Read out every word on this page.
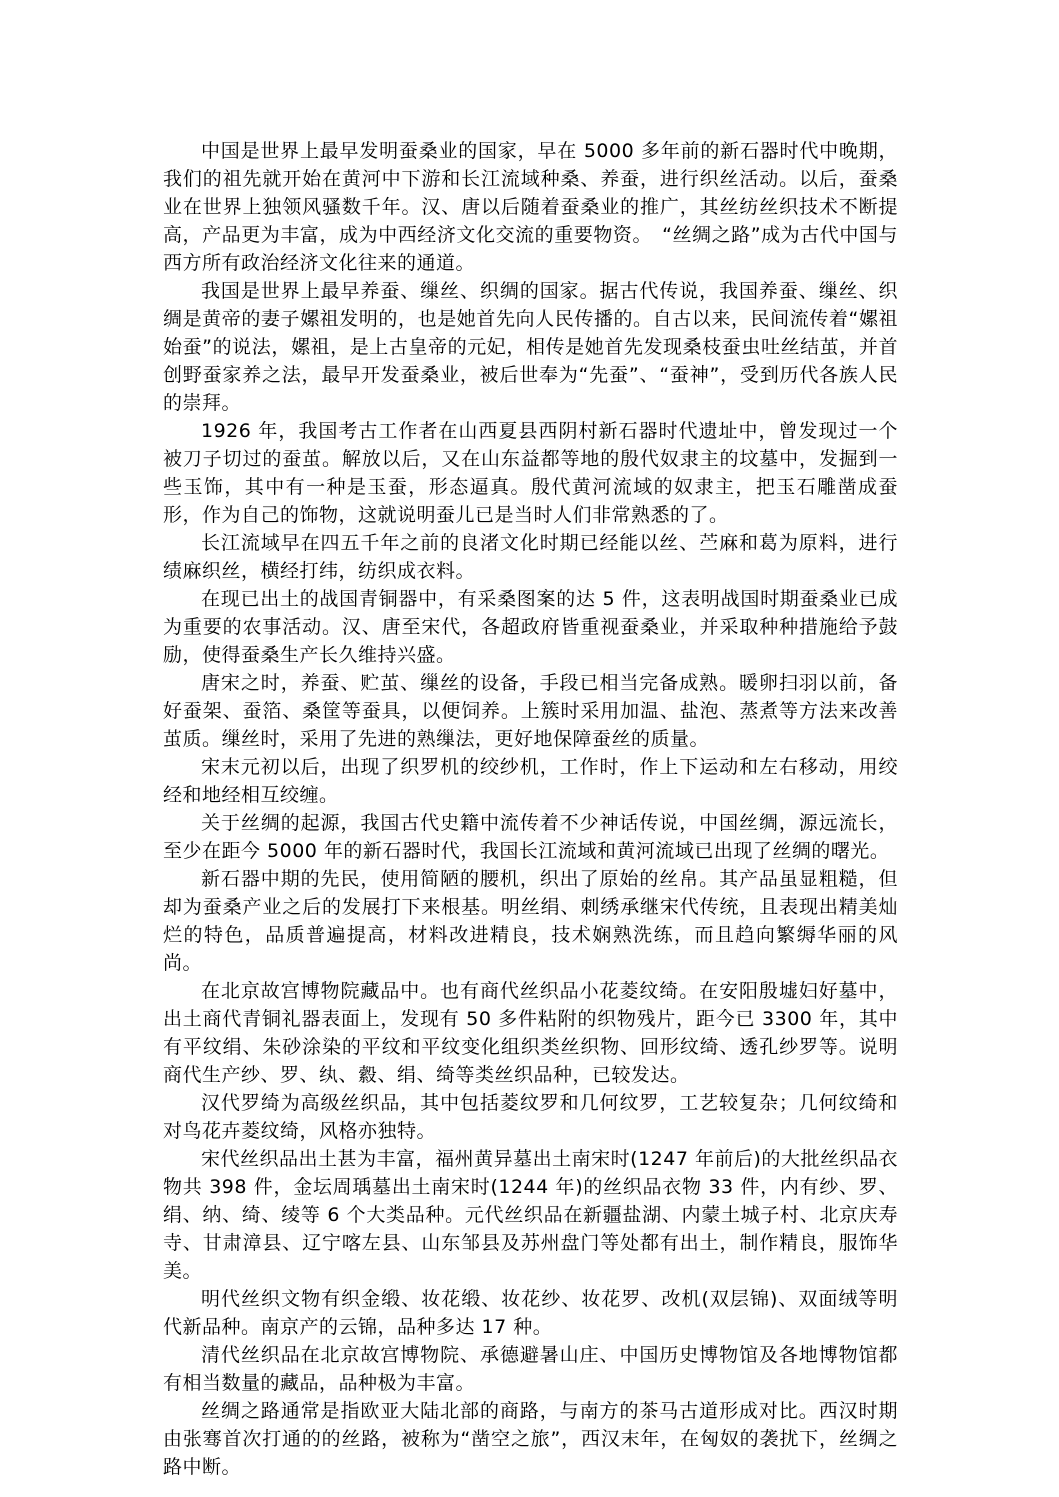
中国是世界上最早发明蚕桑业的国家，早在 5000 多年前的新石器时代中晚期，我们的祖先就开始在黄河中下游和长江流域种桑、养蚕，进行织丝活动。以后，蚕桑业在世界上独领风骚数千年。汉、唐以后随着蚕桑业的推广，其丝纺丝织技术不断提高，产品更为丰富，成为中西经济文化交流的重要物资。　“丝绸之路”成为古代中国与西方所有政治经济文化往来的通道。

我国是世界上最早养蚕、缫丝、织绸的国家。据古代传说，我国养蚕、缫丝、织绸是黄帝的妻子嫘祖发明的，也是她首先向人民传播的。自古以来，民间流传着“嫘祖始蚕”的说法，嫘祖，是上古皇帝的元妃，相传是她首先发现桑枝蚕虫吐丝结茧，并首创野蚕家养之法，最早开发蚕桑业，被后世奉为“先蚕”、“蚕神”，受到历代各族人民的崇拜。

1926 年，我国考古工作者在山西夏县西阴村新石器时代遗址中，曾发现过一个被刀子切过的蚕茧。解放以后，又在山东益都等地的殷代奴隶主的坟墓中，发掘到一些玉饰，其中有一种是玉蚕，形态逼真。殷代黄河流域的奴隶主，把玉石雕凿成蚕形，作为自己的饰物，这就说明蚕儿已是当时人们非常熟悉的了。

长江流域早在四五千年之前的良渚文化时期已经能以丝、苎麻和葛为原料，进行绩麻织丝，横经打纬，纺织成衣料。

在现已出土的战国青铜器中，有采桑图案的达 5 件，这表明战国时期蚕桑业已成为重要的农事活动。汉、唐至宋代，各超政府皆重视蚕桑业，并采取种种措施给予鼓励，使得蚕桑生产长久维持兴盛。

唐宋之时，养蚕、贮茧、缫丝的设备，手段已相当完备成熟。暖卵扫羽以前，备好蚕架、蚕箔、桑筐等蚕具，以便饲养。上簇时采用加温、盐泡、蒸煮等方法来改善茧质。缫丝时，采用了先进的熟缫法，更好地保障蚕丝的质量。

宋末元初以后，出现了织罗机的绞纱机，工作时，作上下运动和左右移动，用绞经和地经相互绞缠。

关于丝绸的起源，我国古代史籍中流传着不少神话传说，中国丝绸，源远流长，至少在距今 5000 年的新石器时代，我国长江流域和黄河流域已出现了丝绸的曙光。

新石器中期的先民，使用简陋的腰机，织出了原始的丝帛。其产品虽显粗糙，但却为蚕桑产业之后的发展打下来根基。明丝绢、刺绣承继宋代传统，且表现出精美灿烂的特色，品质普遍提高，材料改进精良，技术娴熟洗练，而且趋向繁缛华丽的风尚。

在北京故宫博物院藏品中。也有商代丝织品小花菱纹绮。在安阳殷墟妇好墓中，出土商代青铜礼器表面上，发现有 50 多件粘附的织物残片，距今已 3300 年，其中有平纹绢、朱砂涂染的平纹和平纹变化组织类丝织物、回形纹绮、透孔纱罗等。说明商代生产纱、罗、纨、縠、绢、绮等类丝织品种，已较发达。

汉代罗绮为高级丝织品，其中包括菱纹罗和几何纹罗，工艺较复杂；几何纹绮和对鸟花卉菱纹绮，风格亦独特。

宋代丝织品出土甚为丰富，福州黄异墓出土南宋时(1247 年前后)的大批丝织品衣物共 398 件，金坛周瑀墓出土南宋时(1244 年)的丝织品衣物 33 件，内有纱、罗、绢、纳、绮、绫等 6 个大类品种。元代丝织品在新疆盐湖、内蒙土城子村、北京庆寿寺、甘肃漳县、辽宁喀左县、山东邹县及苏州盘门等处都有出土，制作精良，服饰华美。

明代丝织文物有织金缎、妆花缎、妆花纱、妆花罗、改机(双层锦)、双面绒等明代新品种。南京产的云锦，品种多达 17 种。

清代丝织品在北京故宫博物院、承德避暑山庄、中国历史博物馆及各地博物馆都有相当数量的藏品，品种极为丰富。

丝绸之路通常是指欧亚大陆北部的商路，与南方的茶马古道形成对比。西汉时期由张骞首次打通的的丝路，被称为“凿空之旅”，西汉末年，在匈奴的袭扰下，丝绸之路中断。
